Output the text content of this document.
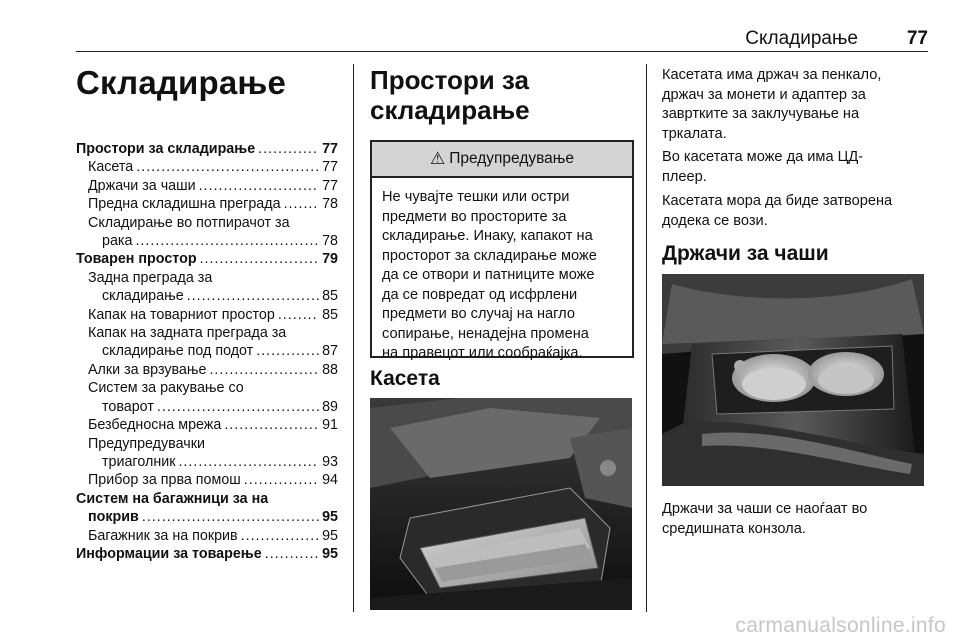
Складирање	77
Складирање
Простори за складирање .....	77
Касета .....	77
Држачи за чаши .....	77
Предна складишна преграда .....	78
Складирање во потпирачот за
рака .....	78
Товарен простор .....	79
Задна преграда за
складирање .....	85
Капак на товарниот простор .....	85
Капак на задната преграда за
складирање под подот .....	87
Алки за врзување .....	88
Систем за ракување со
товарот .....	89
Безбедносна мрежа .....	91
Предупредувачки
триаголник .....	93
Прибор за прва помош .....	94
Систем на багажници за на
покрив .....	95
Багажник за на покрив .....	95
Информации за товарење .....	95
Простори за
складирање
⚠ Предупредување
Не чувајте тешки или остри
предмети во просторите за
складирање. Инаку, капакот на
просторот за складирање може
да се отвори и патниците може
да се повредат од исфрлени
предмети во случај на нагло
сопирање, ненадејна промена
на правецот или сообраќајка.
Касета
Касетата има држач за пенкало,
држач за монети и адаптер за
завртките за заклучување на
тркалата.
Во касетата може да има ЦД-
плеер.
Касетата мора да биде затворена
додека се вози.
Држачи за чаши
Држачи за чаши се наоѓаат во
средишната конзола.
carmanualsonline.info
